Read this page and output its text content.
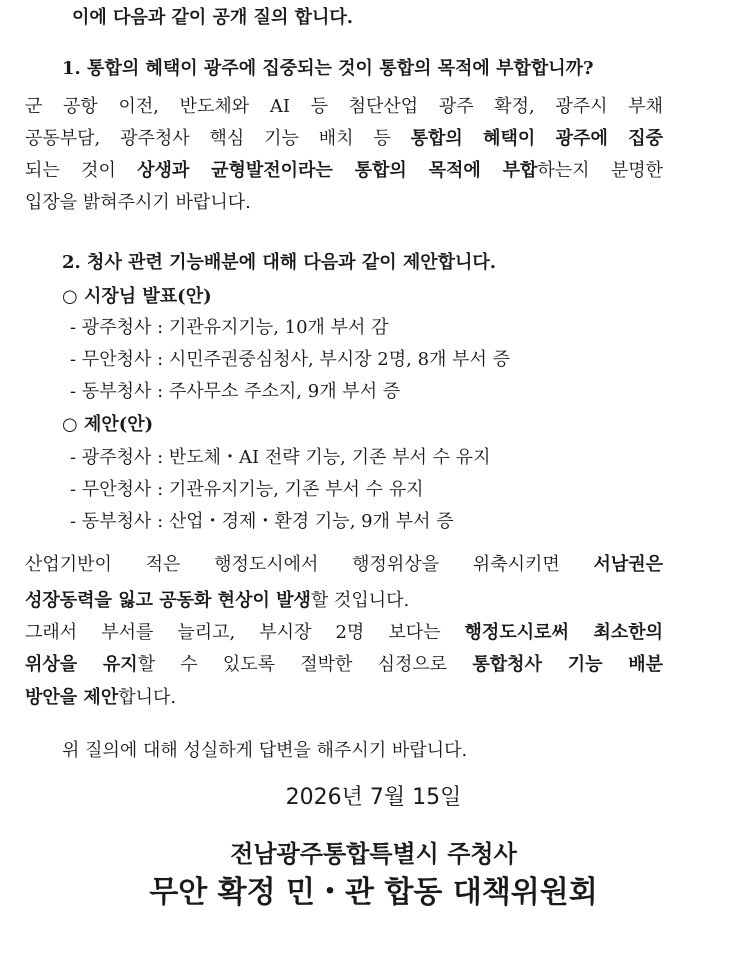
이에 다음과 같이 공개 질의 합니다.
1. 통합의 혜택이 광주에 집중되는 것이 통합의 목적에 부합합니까?
군 공항 이전, 반도체와 AI 등 첨단산업 광주 확정, 광주시 부채
공동부담, 광주청사 핵심 기능 배치 등 통합의 혜택이 광주에 집중
되는 것이 상생과 균형발전이라는 통합의 목적에 부합하는지 분명한
입장을 밝혀주시기 바랍니다.
2. 청사 관련 기능배분에 대해 다음과 같이 제안합니다.
○ 시장님 발표(안)
- 광주청사 : 기관유지기능, 10개 부서 감
- 무안청사 : 시민주권중심청사, 부시장 2명, 8개 부서 증
- 동부청사 : 주사무소 주소지, 9개 부서 증
○ 제안(안)
- 광주청사 : 반도체・AI 전략 기능, 기존 부서 수 유지
- 무안청사 : 기관유지기능, 기존 부서 수 유지
- 동부청사 : 산업・경제・환경 기능, 9개 부서 증
산업기반이 적은 행정도시에서 행정위상을 위축시키면 서남권은
성장동력을 잃고 공동화 현상이 발생할 것입니다.
그래서 부서를 늘리고, 부시장 2명 보다는 행정도시로써 최소한의
위상을 유지할 수 있도록 절박한 심정으로 통합청사 기능 배분
방안을 제안합니다.
위 질의에 대해 성실하게 답변을 해주시기 바랍니다.
2026년 7월 15일
전남광주통합특별시 주청사
무안 확정 민・관 합동 대책위원회
